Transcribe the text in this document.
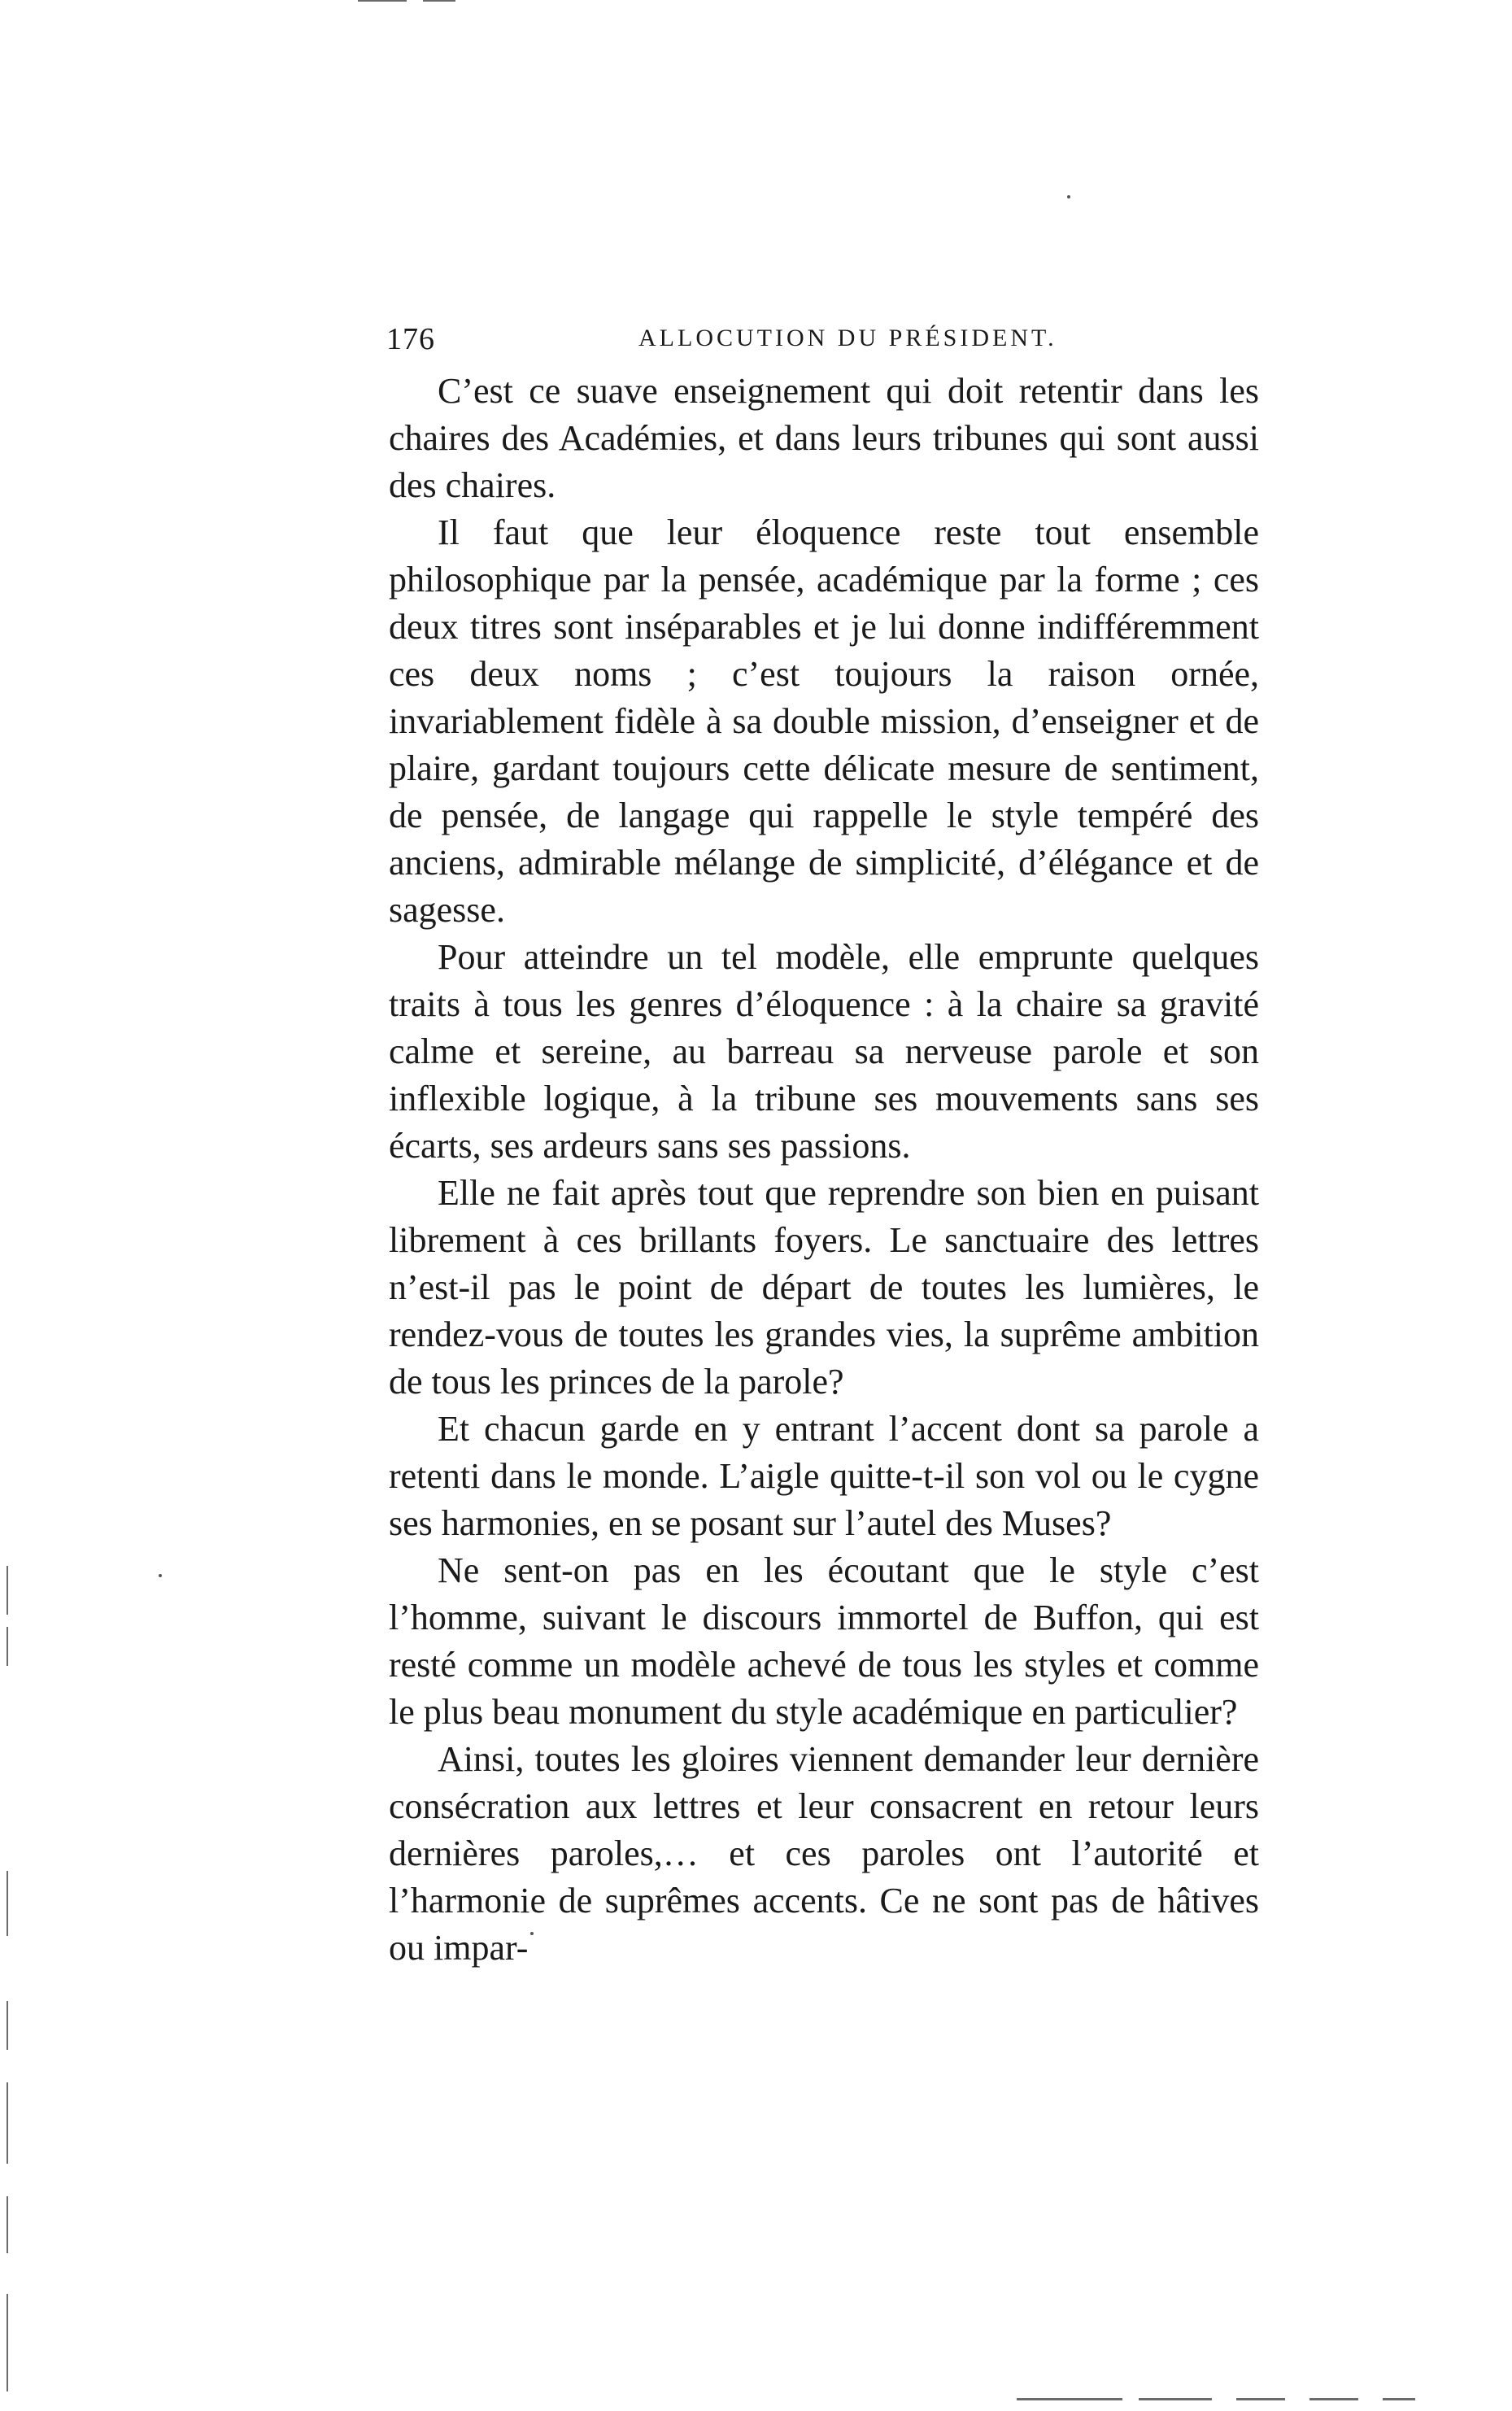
176	ALLOCUTION DU PRÉSIDENT.

C’est ce suave enseignement qui doit retentir dans les chaires des Académies, et dans leurs tribunes qui sont aussi des chaires.

Il faut que leur éloquence reste tout ensemble philosophique par la pensée, académique par la forme ; ces deux titres sont inséparables et je lui donne indifféremment ces deux noms ; c’est toujours la raison ornée, invariablement fidèle à sa double mission, d’enseigner et de plaire, gardant toujours cette délicate mesure de sentiment, de pensée, de langage qui rappelle le style tempéré des anciens, admirable mélange de simplicité, d’élégance et de sagesse.

Pour atteindre un tel modèle, elle emprunte quelques traits à tous les genres d’éloquence : à la chaire sa gravité calme et sereine, au barreau sa nerveuse parole et son inflexible logique, à la tribune ses mouvements sans ses écarts, ses ardeurs sans ses passions.

Elle ne fait après tout que reprendre son bien en puisant librement à ces brillants foyers. Le sanctuaire des lettres n’est-il pas le point de départ de toutes les lumières, le rendez-vous de toutes les grandes vies, la suprême ambition de tous les princes de la parole?

Et chacun garde en y entrant l’accent dont sa parole a retenti dans le monde. L’aigle quitte-t-il son vol ou le cygne ses harmonies, en se posant sur l’autel des Muses?

Ne sent-on pas en les écoutant que le style c’est l’homme, suivant le discours immortel de Buffon, qui est resté comme un modèle achevé de tous les styles et comme le plus beau monument du style académique en particulier?

Ainsi, toutes les gloires viennent demander leur dernière consécration aux lettres et leur consacrent en retour leurs dernières paroles,… et ces paroles ont l’autorité et l’harmonie de suprêmes accents. Ce ne sont pas de hâtives ou impar-
